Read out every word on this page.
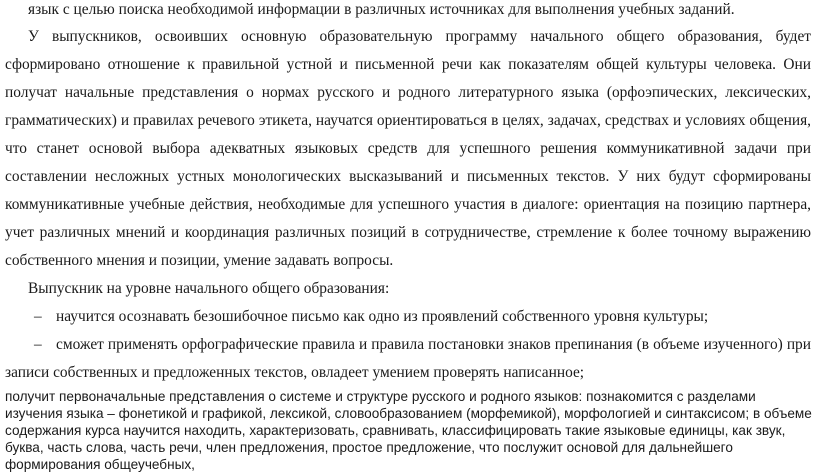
язык с целью поиска необходимой информации в различных источниках для выполнения учебных заданий.
У выпускников, освоивших основную образовательную программу начального общего образования, будет
сформировано отношение к правильной устной и письменной речи как показателям общей культуры человека. Они
получат начальные представления о нормах русского и родного литературного языка (орфоэпических, лексических,
грамматических) и правилах речевого этикета, научатся ориентироваться в целях, задачах, средствах и условиях общения,
что станет основой выбора адекватных языковых средств для успешного решения коммуникативной задачи при
составлении несложных устных монологических высказываний и письменных текстов. У них будут сформированы
коммуникативные учебные действия, необходимые для успешного участия в диалоге: ориентация на позицию партнера,
учет различных мнений и координация различных позиций в сотрудничестве, стремление к более точному выражению
собственного мнения и позиции, умение задавать вопросы.
Выпускник на уровне начального общего образования:
– научится осознавать безошибочное письмо как одно из проявлений собственного уровня культуры;
– сможет применять орфографические правила и правила постановки знаков препинания (в объеме изученного) при
записи собственных и предложенных текстов, овладеет умением проверять написанное;
получит первоначальные представления о системе и структуре русского и родного языков: познакомится с разделами
изучения языка – фонетикой и графикой, лексикой, словообразованием (морфемикой), морфологией и синтаксисом; в объеме
содержания курса научится находить, характеризовать, сравнивать, классифицировать такие языковые единицы, как звук,
буква, часть слова, часть речи, член предложения, простое предложение, что послужит основой для дальнейшего
формирования общеучебных,
